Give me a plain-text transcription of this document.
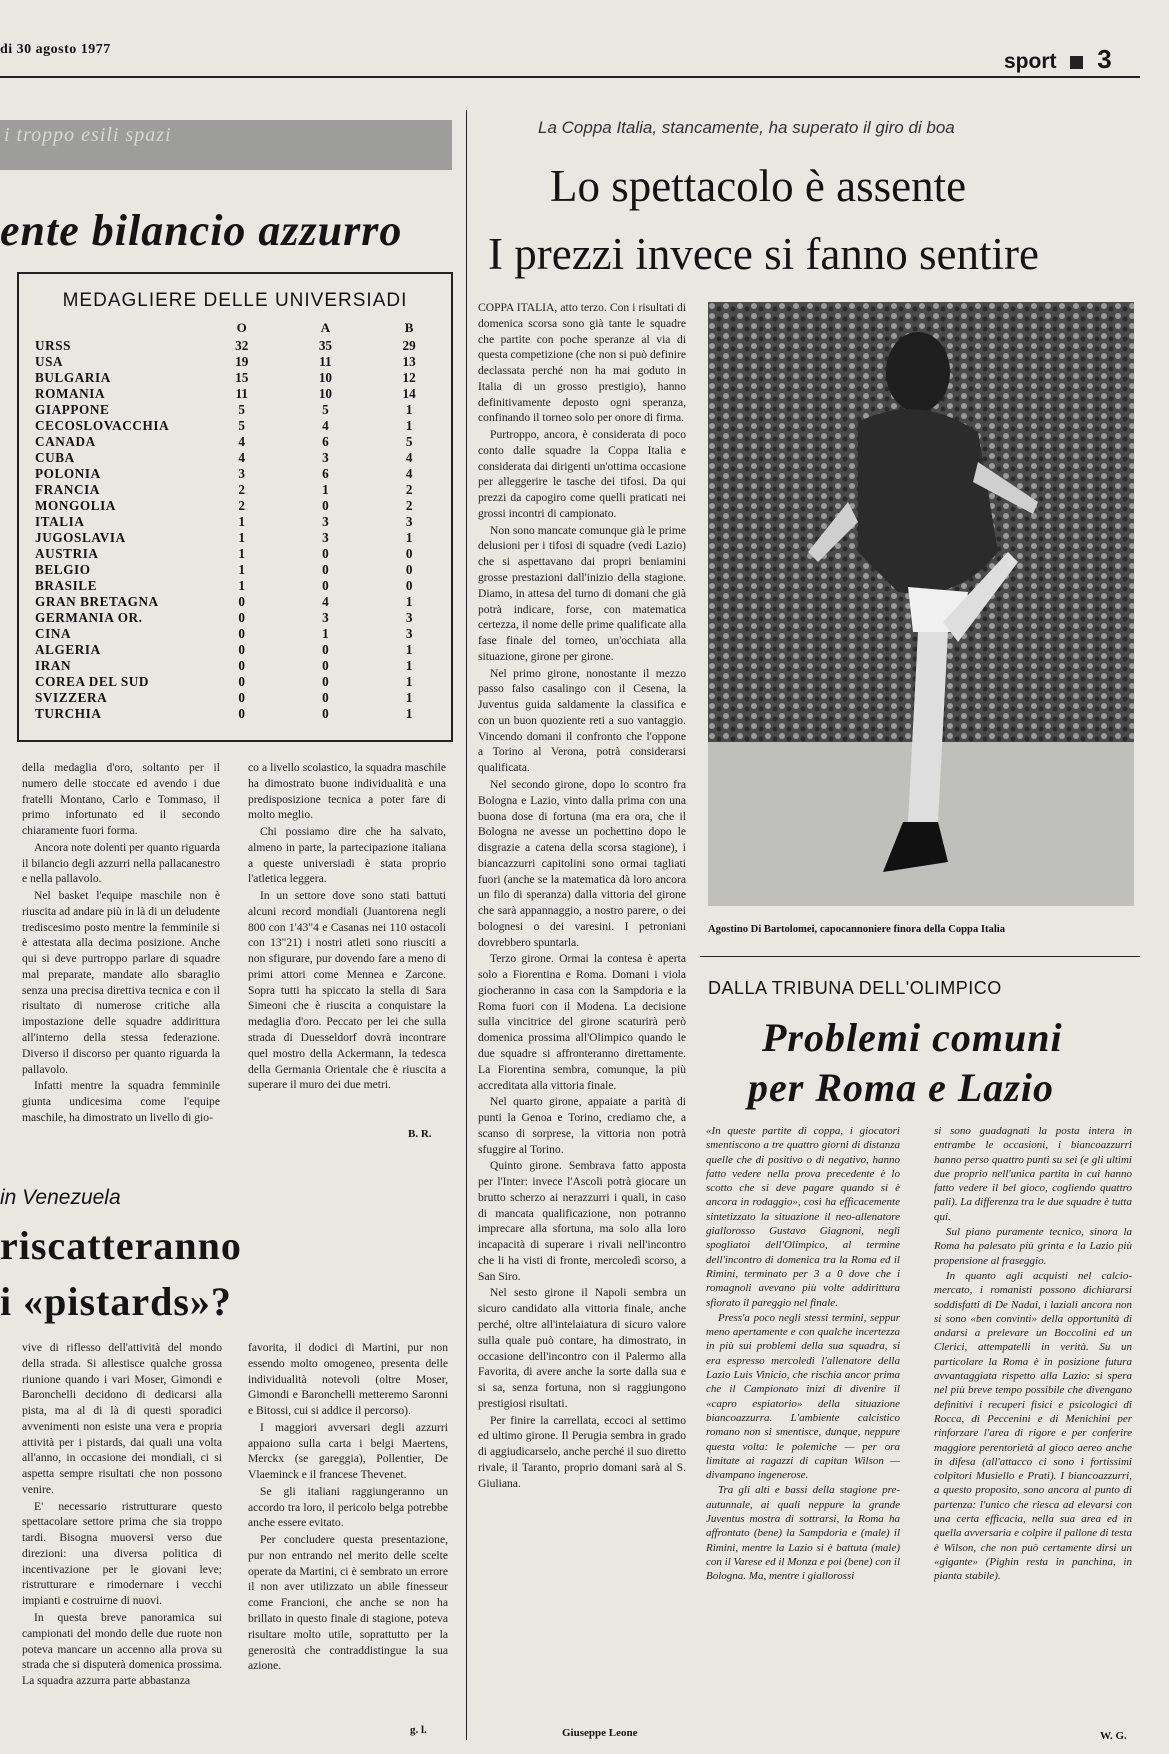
di 30 agosto 1977
sport 3
i troppo esili spazi
ente bilancio azzurro
MEDAGLIERE DELLE UNIVERSIADI
	O	A	B
URSS	32	35	29
USA	19	11	13
BULGARIA	15	10	12
ROMANIA	11	10	14
GIAPPONE	5	5	1
CECOSLOVACCHIA	5	4	1
CANADA	4	6	5
CUBA	4	3	4
POLONIA	3	6	4
FRANCIA	2	1	2
MONGOLIA	2	0	2
ITALIA	1	3	3
JUGOSLAVIA	1	3	1
AUSTRIA	1	0	0
BELGIO	1	0	0
BRASILE	1	0	0
GRAN BRETAGNA	0	4	1
GERMANIA OR.	0	3	3
CINA	0	1	3
ALGERIA	0	0	1
IRAN	0	0	1
COREA DEL SUD	0	0	1
SVIZZERA	0	0	1
TURCHIA	0	0	1

della medaglia d'oro, soltanto per il numero delle stoccate ed avendo i due fratelli Montano, Carlo e Tommaso, il primo infortunato ed il secondo chiaramente fuori forma.

Ancora note dolenti per quanto riguarda il bilancio degli azzurri nella pallacanestro e nella pallavolo.

Nel basket l'equipe maschile non è riuscita ad andare più in là di un deludente trediscesimo posto mentre la femminile si è attestata alla decima posizione. Anche qui si deve purtroppo parlare di squadre mal preparate, mandate allo sbaraglio senza una precisa direttiva tecnica e con il risultato di numerose critiche alla impostazione delle squadre addirittura all'interno della stessa federazione. Diverso il discorso per quanto riguarda la pallavolo.

Infatti mentre la squadra femminile giunta undicesima come l'equipe maschile, ha dimostrato un livello di gio-

co a livello scolastico, la squadra maschile ha dimostrato buone individualità e una predisposizione tecnica a poter fare di molto meglio.

Chi possiamo dire che ha salvato, almeno in parte, la partecipazione italiana a queste universiadi è stata proprio l'atletica leggera.

In un settore dove sono stati battuti alcuni record mondiali (Juantorena negli 800 con 1'43"4 e Casanas nei 110 ostacoli con 13"21) i nostri atleti sono riusciti a non sfigurare, pur dovendo fare a meno di primi attori come Mennea e Zarcone. Sopra tutti ha spiccato la stella di Sara Simeoni che è riuscita a conquistare la medaglia d'oro. Peccato per lei che sulla strada di Duesseldorf dovrà incontrare quel mostro della Ackermann, la tedesca della Germania Orientale che è riuscita a superare il muro dei due metri.

B. R.
in Venezuela
riscatteranno
i «pistards»?

vive di riflesso dell'attività del mondo della strada. Si allestisce qualche grossa riunione quando i vari Moser, Gimondi e Baronchelli decidono di dedicarsi alla pista, ma al di là di questi sporadici avvenimenti non esiste una vera e propria attività per i pistards, dai quali una volta all'anno, in occasione dei mondiali, ci si aspetta sempre risultati che non possono venire.

E' necessario ristrutturare questo spettacolare settore prima che sia troppo tardi. Bisogna muoversi verso due direzioni: una diversa politica di incentivazione per le giovani leve; ristrutturare e rimodernare i vecchi impianti e costruirne di nuovi.

In questa breve panoramica sui campionati del mondo delle due ruote non poteva mancare un accenno alla prova su strada che si disputerà domenica prossima. La squadra azzurra parte abbastanza

favorita, il dodici di Martini, pur non essendo molto omogeneo, presenta delle individualità notevoli (oltre Moser, Gimondi e Baronchelli metteremo Saronni e Bitossi, cui si addice il percorso).

I maggiori avversari degli azzurri appaiono sulla carta i belgi Maertens, Merckx (se gareggia), Pollentier, De Vlaeminck e il francese Thevenet.

Se gli italiani raggiungeranno un accordo tra loro, il pericolo belga potrebbe anche essere evitato.

Per concludere questa presentazione, pur non entrando nel merito delle scelte operate da Martini, ci è sembrato un errore il non aver utilizzato un abile finesseur come Francioni, che anche se non ha brillato in questo finale di stagione, poteva risultare molto utile, soprattutto per la generosità che contraddistingue la sua azione.

g. l.
La Coppa Italia, stancamente, ha superato il giro di boa
Lo spettacolo è assente
I prezzi invece si fanno sentire

COPPA ITALIA, atto terzo. Con i risultati di domenica scorsa sono già tante le squadre che partite con poche speranze al via di questa competizione (che non si può definire declassata perché non ha mai goduto in Italia di un grosso prestigio), hanno definitivamente deposto ogni speranza, confinando il torneo solo per onore di firma.

Purtroppo, ancora, è considerata di poco conto dalle squadre la Coppa Italia e considerata dai dirigenti un'ottima occasione per alleggerire le tasche dei tifosi. Da qui prezzi da capogiro come quelli praticati nei grossi incontri di campionato.

Non sono mancate comunque già le prime delusioni per i tifosi di squadre (vedi Lazio) che si aspettavano dai propri beniamini grosse prestazioni dall'inizio della stagione. Diamo, in attesa del turno di domani che già potrà indicare, forse, con matematica certezza, il nome delle prime qualificate alla fase finale del torneo, un'occhiata alla situazione, girone per girone.

Nel primo girone, nonostante il mezzo passo falso casalingo con il Cesena, la Juventus guida saldamente la classifica e con un buon quoziente reti a suo vantaggio. Vincendo domani il confronto che l'oppone a Torino al Verona, potrà considerarsi qualificata.

Nel secondo girone, dopo lo scontro fra Bologna e Lazio, vinto dalla prima con una buona dose di fortuna (ma era ora, che il Bologna ne avesse un pochettino dopo le disgrazie a catena della scorsa stagione), i biancazzurri capitolini sono ormai tagliati fuori (anche se la matematica dà loro ancora un filo di speranza) dalla vittoria del girone che sarà appannaggio, a nostro parere, o dei bolognesi o dei varesini. I petroniani dovrebbero spuntarla.

Terzo girone. Ormai la contesa è aperta solo a Fiorentina e Roma. Domani i viola giocheranno in casa con la Sampdoria e la Roma fuori con il Modena. La decisione sulla vincitrice del girone scaturirà però domenica prossima all'Olimpico quando le due squadre si affronteranno direttamente. La Fiorentina sembra, comunque, la più accreditata alla vittoria finale.

Nel quarto girone, appaiate a parità di punti la Genoa e Torino, crediamo che, a scanso di sorprese, la vittoria non potrà sfuggire al Torino.

Quinto girone. Sembrava fatto apposta per l'Inter: invece l'Ascoli potrà giocare un brutto scherzo ai nerazzurri i quali, in caso di mancata qualificazione, non potranno imprecare alla sfortuna, ma solo alla loro incapacità di superare i rivali nell'incontro che li ha visti di fronte, mercoledì scorso, a San Siro.

Nel sesto girone il Napoli sembra un sicuro candidato alla vittoria finale, anche perché, oltre all'intelaiatura di sicuro valore sulla quale può contare, ha dimostrato, in occasione dell'incontro con il Palermo alla Favorita, di avere anche la sorte dalla sua e si sa, senza fortuna, non si raggiungono prestigiosi risultati.

Per finire la carrellata, eccoci al settimo ed ultimo girone. Il Perugia sembra in grado di aggiudicarselo, anche perché il suo diretto rivale, il Taranto, proprio domani sarà al S. Giuliana.

Giuseppe Leone
Agostino Di Bartolomei, capocannoniere finora della Coppa Italia
DALLA TRIBUNA DELL'OLIMPICO
Problemi comuni
per Roma e Lazio

«In queste partite di coppa, i giocatori smentiscono a tre quattro giorni di distanza quelle che di positivo o di negativo, hanno fatto vedere nella prova precedente è lo scotto che si deve pagare quando si è ancora in rodaggio», così ha efficacemente sintetizzato la situazione il neo-allenatore giallorosso Gustavo Giagnoni, negli spogliatoi dell'Olimpico, al termine dell'incontro di domenica tra la Roma ed il Rimini, terminato per 3 a 0 dove che i romagnoli avevano più volte addirittura sfiorato il pareggio nel finale.

Press'a poco negli stessi termini, seppur meno apertamente e con qualche incertezza in più sui problemi della sua squadra, si era espresso mercoledì l'allenatore della Lazio Luis Vinicio, che rischia ancor prima che il Campionato inizi di divenire il «capro espiatorio» della situazione biancoazzurra. L'ambiente calcistico romano non si smentisce, dunque, neppure questa volta: le polemiche — per ora limitate ai ragazzi di capitan Wilson — divampano ingenerose.

Tra gli alti e bassi della stagione pre-autunnale, ai quali neppure la grande Juventus mostra di sottrarsi, la Roma ha affrontato (bene) la Sampdoria e (male) il Rimini, mentre la Lazio si è battuta (male) con il Varese ed il Monza e poi (bene) con il Bologna. Ma, mentre i giallorossi

si sono guadagnati la posta intera in entrambe le occasioni, i biancoazzurri hanno perso quattro punti su sei (e gli ultimi due proprio nell'unica partita in cui hanno fatto vedere il bel gioco, cogliendo quattro pali). La differenza tra le due squadre è tutta qui.

Sul piano puramente tecnico, sinora la Roma ha palesato più grinta e la Lazio più propensione al fraseggio.

In quanto agli acquisti nel calcio-mercato, i romanisti possono dichiararsi soddisfatti di De Nadai, i laziali ancora non si sono «ben convinti» della opportunità di andarsi a prelevare un Boccolini ed un Clerici, attempatelli in verità. Su un particolare la Roma è in posizione futura avvantaggiata rispetto alla Lazio: si spera nel più breve tempo possibile che divengano definitivi i recuperi fisici e psicologici di Rocca, di Peccenini e di Menichini per rinforzare l'area di rigore e per conferire maggiore perentorietà al gioco aereo anche in difesa (all'attacco ci sono i fortissimi colpitori Musiello e Prati). I biancoazzurri, a questo proposito, sono ancora al punto di partenza: l'unico che riesca ad elevarsi con una certa efficacia, nella sua area ed in quella avversaria e colpire il pallone di testa è Wilson, che non può certamente dirsi un «gigante» (Pighin resta in panchina, in pianta stabile).

W. G.
